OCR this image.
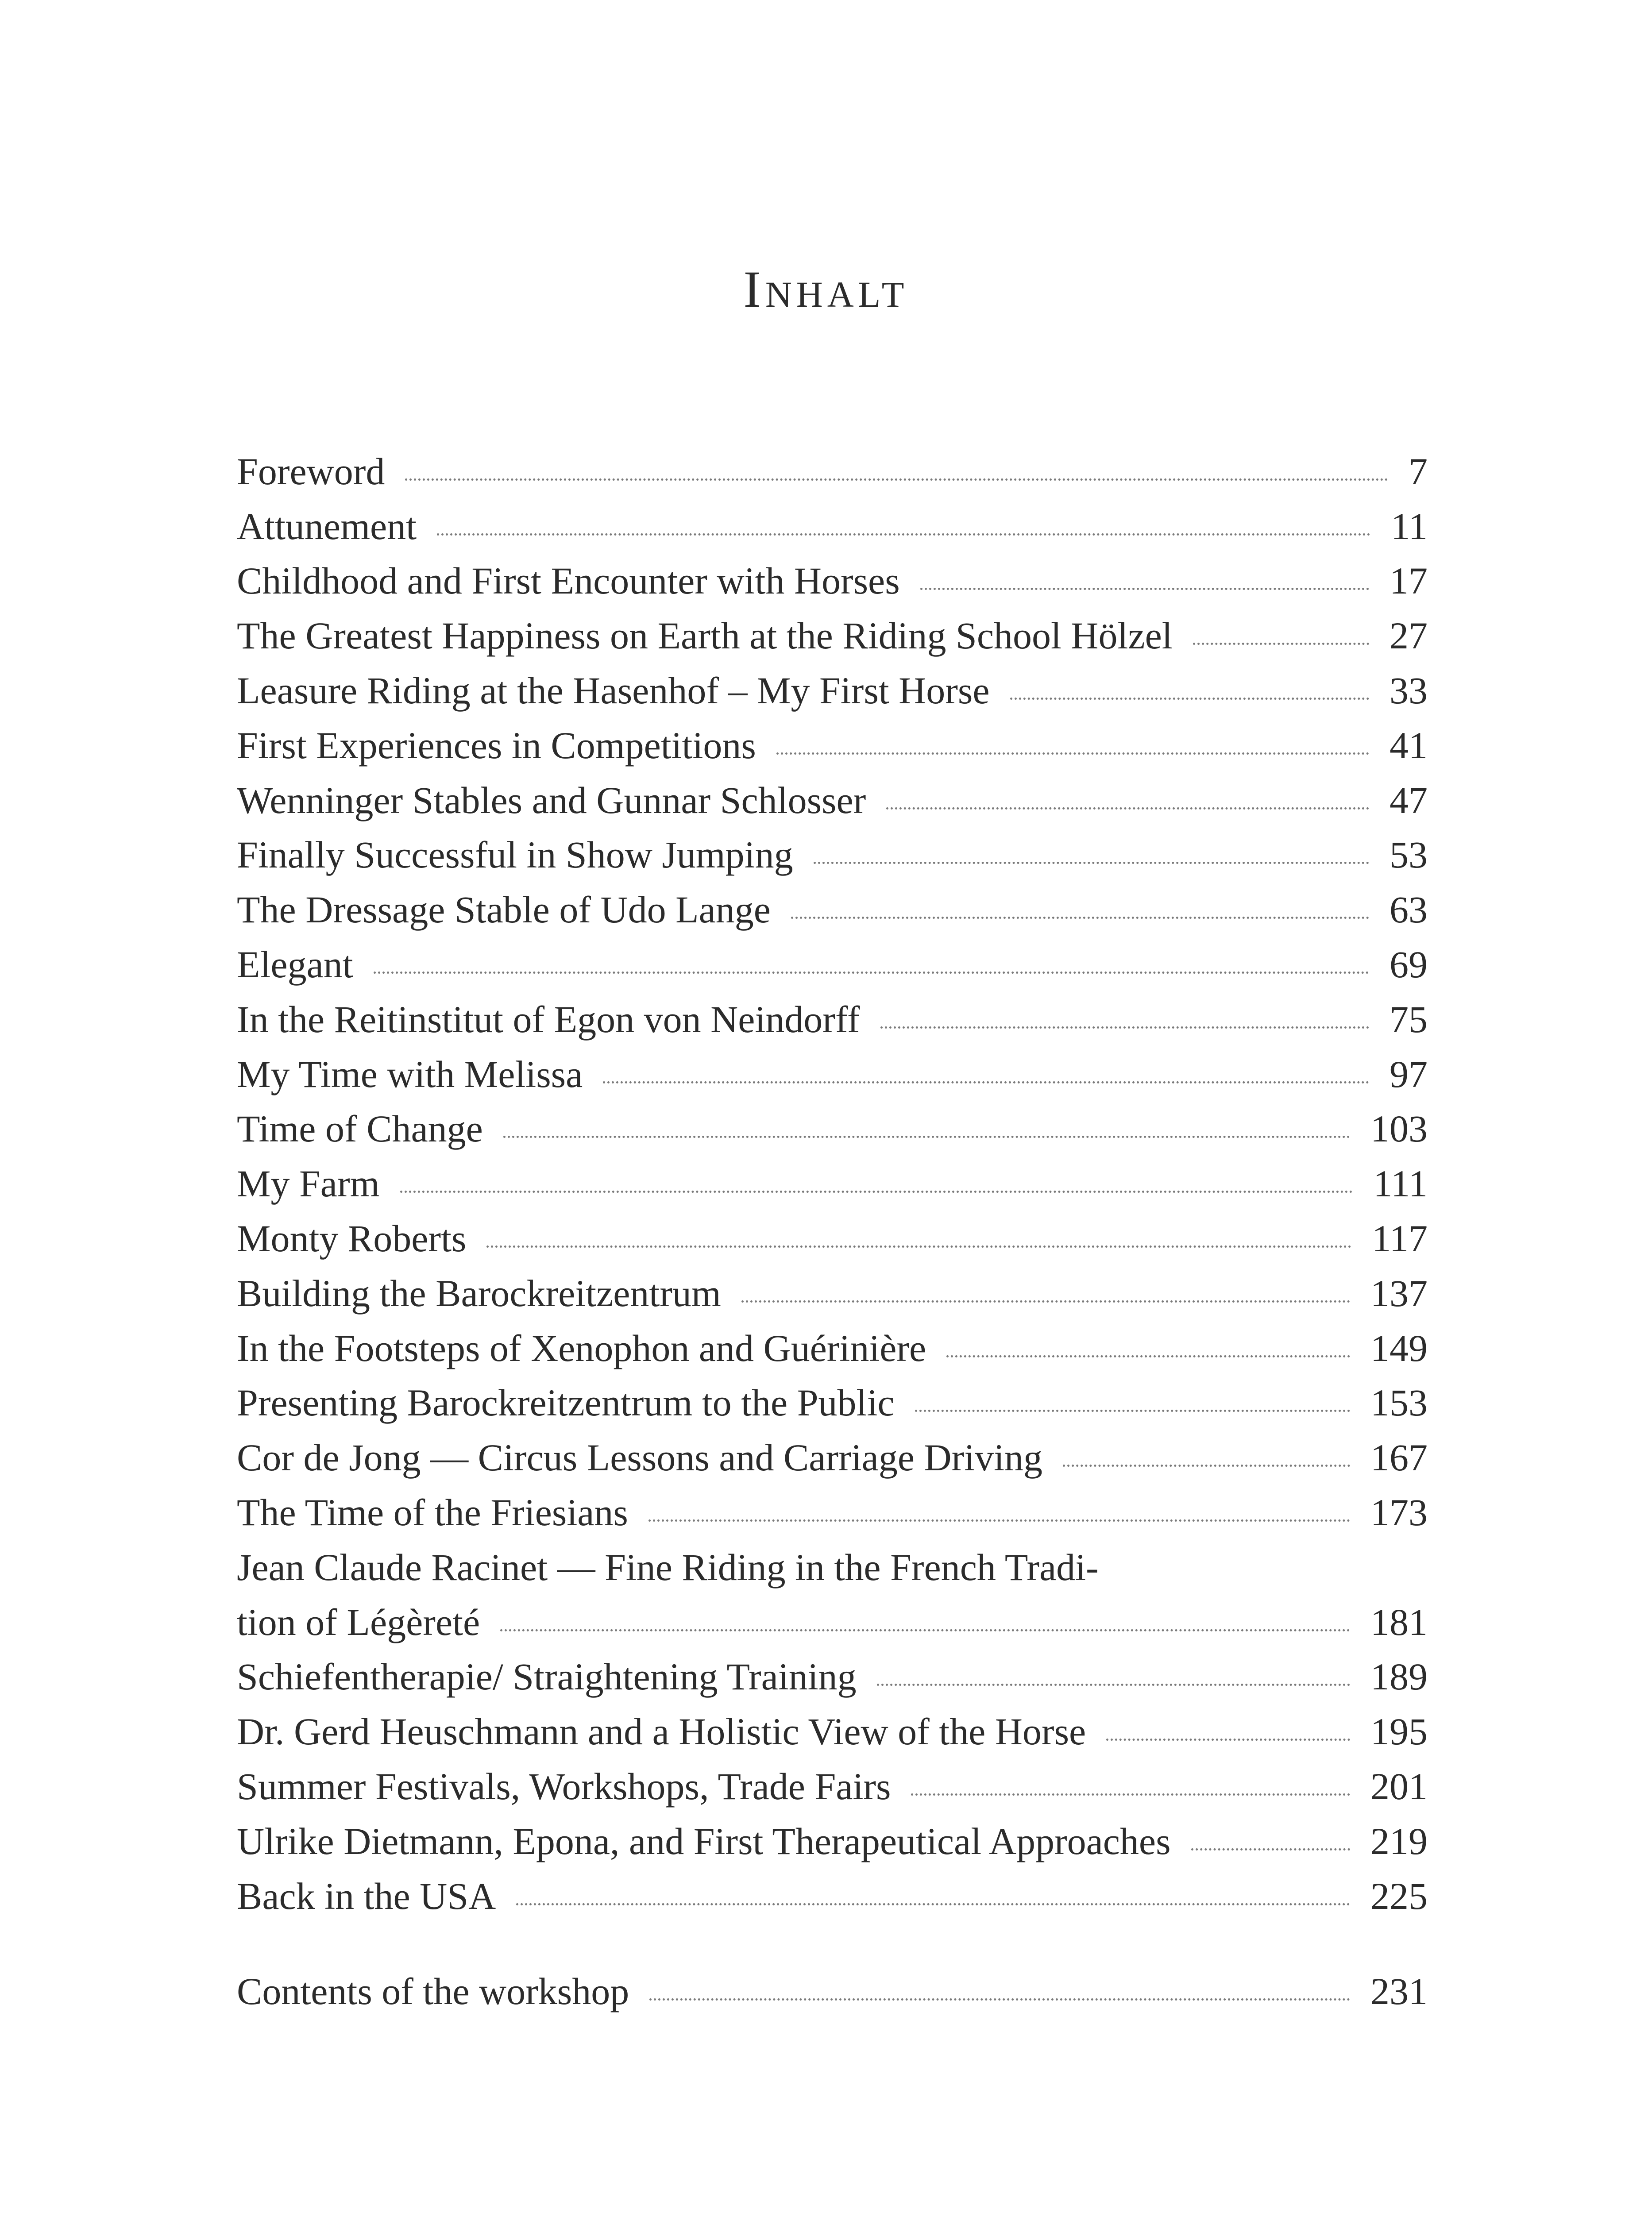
Inhalt
Foreword	7
Attunement	11
Childhood and First Encounter with Horses	17
The Greatest Happiness on Earth at the Riding School Hölzel	27
Leasure Riding at the Hasenhof – My First Horse	33
First Experiences in Competitions	41
Wenninger Stables and Gunnar Schlosser	47
Finally Successful in Show Jumping	53
The Dressage Stable of Udo Lange	63
Elegant	69
In the Reitinstitut of Egon von Neindorff	75
My Time with Melissa	97
Time of Change	103
My Farm	111
Monty Roberts	117
Building the Barockreitzentrum	137
In the Footsteps of Xenophon and Guérinière	149
Presenting Barockreitzentrum to the Public	153
Cor de Jong — Circus Lessons and Carriage Driving	167
The Time of the Friesians	173
Jean Claude Racinet — Fine Riding in the French Tradi-
tion of Légèreté	181
Schiefentherapie/ Straightening Training	189
Dr. Gerd Heuschmann and a Holistic View of the Horse	195
Summer Festivals, Workshops, Trade Fairs	201
Ulrike Dietmann, Epona, and First Therapeutical Approaches	219
Back in the USA	225
Contents of the workshop	231
